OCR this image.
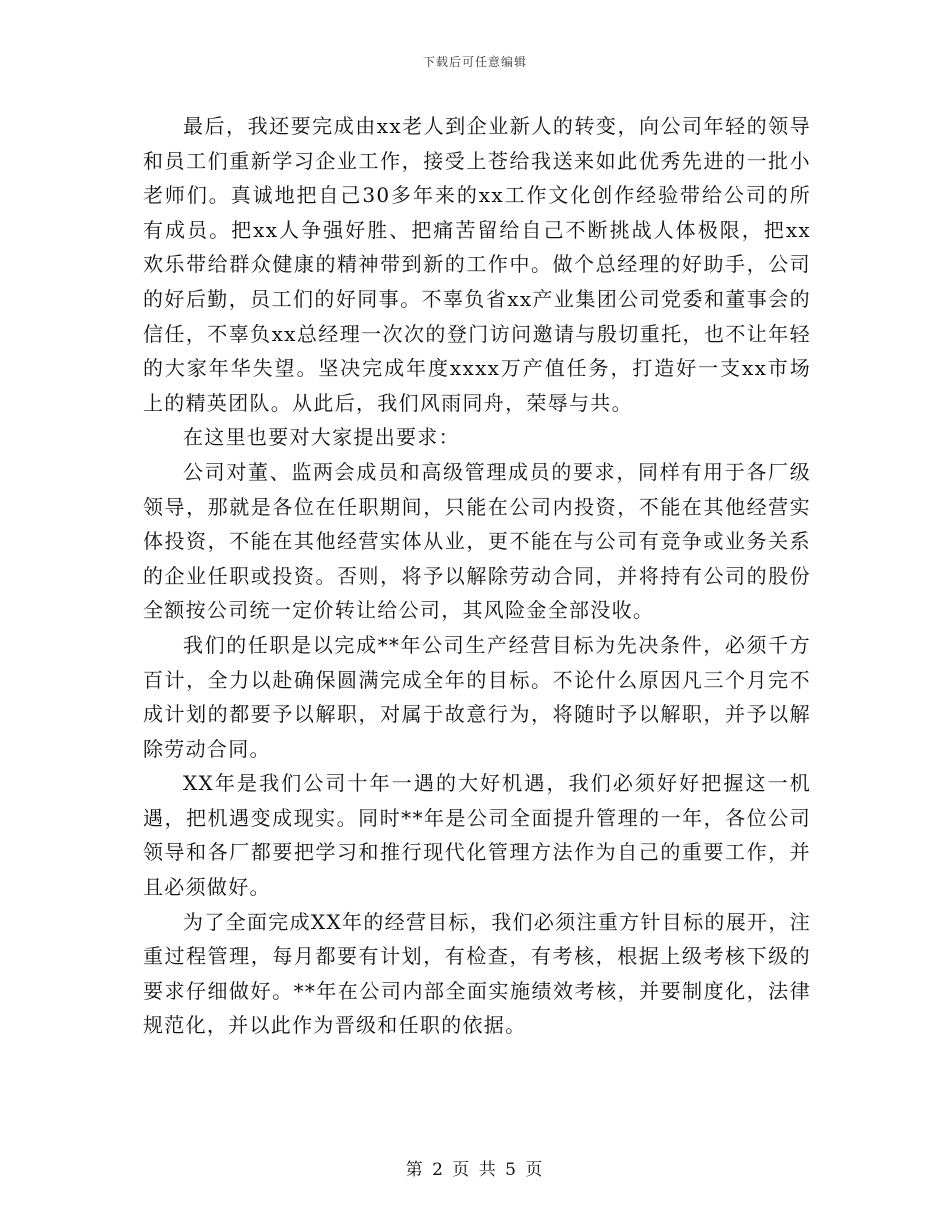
下载后可任意编辑

最后，我还要完成由xx老人到企业新人的转变，向公司年轻的领导和员工们重新学习企业工作，接受上苍给我送来如此优秀先进的一批小老师们。真诚地把自己30多年来的xx工作文化创作经验带给公司的所有成员。把xx人争强好胜、把痛苦留给自己不断挑战人体极限，把xx欢乐带给群众健康的精神带到新的工作中。做个总经理的好助手，公司的好后勤，员工们的好同事。不辜负省xx产业集团公司党委和董事会的信任，不辜负xx总经理一次次的登门访问邀请与殷切重托，也不让年轻的大家年华失望。坚决完成年度xxxx万产值任务，打造好一支xx市场上的精英团队。从此后，我们风雨同舟，荣辱与共。

在这里也要对大家提出要求：

公司对董、监两会成员和高级管理成员的要求，同样有用于各厂级领导，那就是各位在任职期间，只能在公司内投资，不能在其他经营实体投资，不能在其他经营实体从业，更不能在与公司有竞争或业务关系的企业任职或投资。否则，将予以解除劳动合同，并将持有公司的股份全额按公司统一定价转让给公司，其风险金全部没收。

我们的任职是以完成**年公司生产经营目标为先决条件，必须千方百计，全力以赴确保圆满完成全年的目标。不论什么原因凡三个月完不成计划的都要予以解职，对属于故意行为，将随时予以解职，并予以解除劳动合同。

XX年是我们公司十年一遇的大好机遇，我们必须好好把握这一机遇，把机遇变成现实。同时**年是公司全面提升管理的一年，各位公司领导和各厂都要把学习和推行现代化管理方法作为自己的重要工作，并且必须做好。

为了全面完成XX年的经营目标，我们必须注重方针目标的展开，注重过程管理，每月都要有计划，有检查，有考核，根据上级考核下级的要求仔细做好。**年在公司内部全面实施绩效考核，并要制度化，法律规范化，并以此作为晋级和任职的依据。

第 2 页 共 5 页
